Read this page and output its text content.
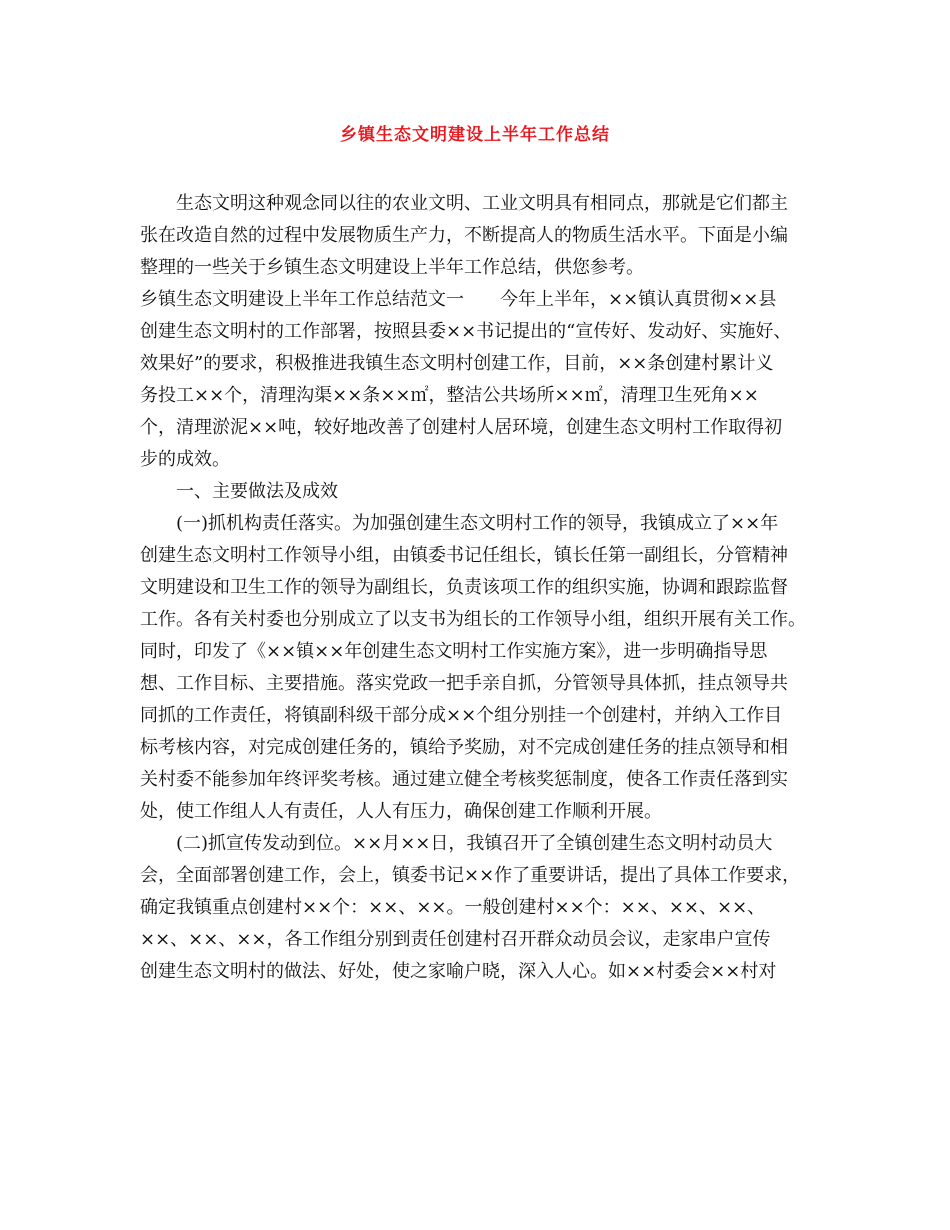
乡镇生态文明建设上半年工作总结
生态文明这种观念同以往的农业文明、工业文明具有相同点，那就是它们都主
张在改造自然的过程中发展物质生产力，不断提高人的物质生活水平。下面是小编
整理的一些关于乡镇生态文明建设上半年工作总结，供您参考。
乡镇生态文明建设上半年工作总结范文一　　今年上半年，××镇认真贯彻××县
创建生态文明村的工作部署，按照县委××书记提出的“宣传好、发动好、实施好、
效果好”的要求，积极推进我镇生态文明村创建工作，目前，××条创建村累计义
务投工××个，清理沟渠××条××㎡，整洁公共场所××㎡，清理卫生死角××
个，清理淤泥××吨，较好地改善了创建村人居环境，创建生态文明村工作取得初
步的成效。
一、主要做法及成效
(一)抓机构责任落实。为加强创建生态文明村工作的领导，我镇成立了××年
创建生态文明村工作领导小组，由镇委书记任组长，镇长任第一副组长，分管精神
文明建设和卫生工作的领导为副组长，负责该项工作的组织实施，协调和跟踪监督
工作。各有关村委也分别成立了以支书为组长的工作领导小组，组织开展有关工作。
同时，印发了《××镇××年创建生态文明村工作实施方案》，进一步明确指导思
想、工作目标、主要措施。落实党政一把手亲自抓，分管领导具体抓，挂点领导共
同抓的工作责任，将镇副科级干部分成××个组分别挂一个创建村，并纳入工作目
标考核内容，对完成创建任务的，镇给予奖励，对不完成创建任务的挂点领导和相
关村委不能参加年终评奖考核。通过建立健全考核奖惩制度，使各工作责任落到实
处，使工作组人人有责任，人人有压力，确保创建工作顺利开展。
(二)抓宣传发动到位。××月××日，我镇召开了全镇创建生态文明村动员大
会，全面部署创建工作，会上，镇委书记××作了重要讲话，提出了具体工作要求，
确定我镇重点创建村××个：××、××。一般创建村××个：××、××、××、
××、××、××，各工作组分别到责任创建村召开群众动员会议，走家串户宣传
创建生态文明村的做法、好处，使之家喻户晓，深入人心。如××村委会××村对
